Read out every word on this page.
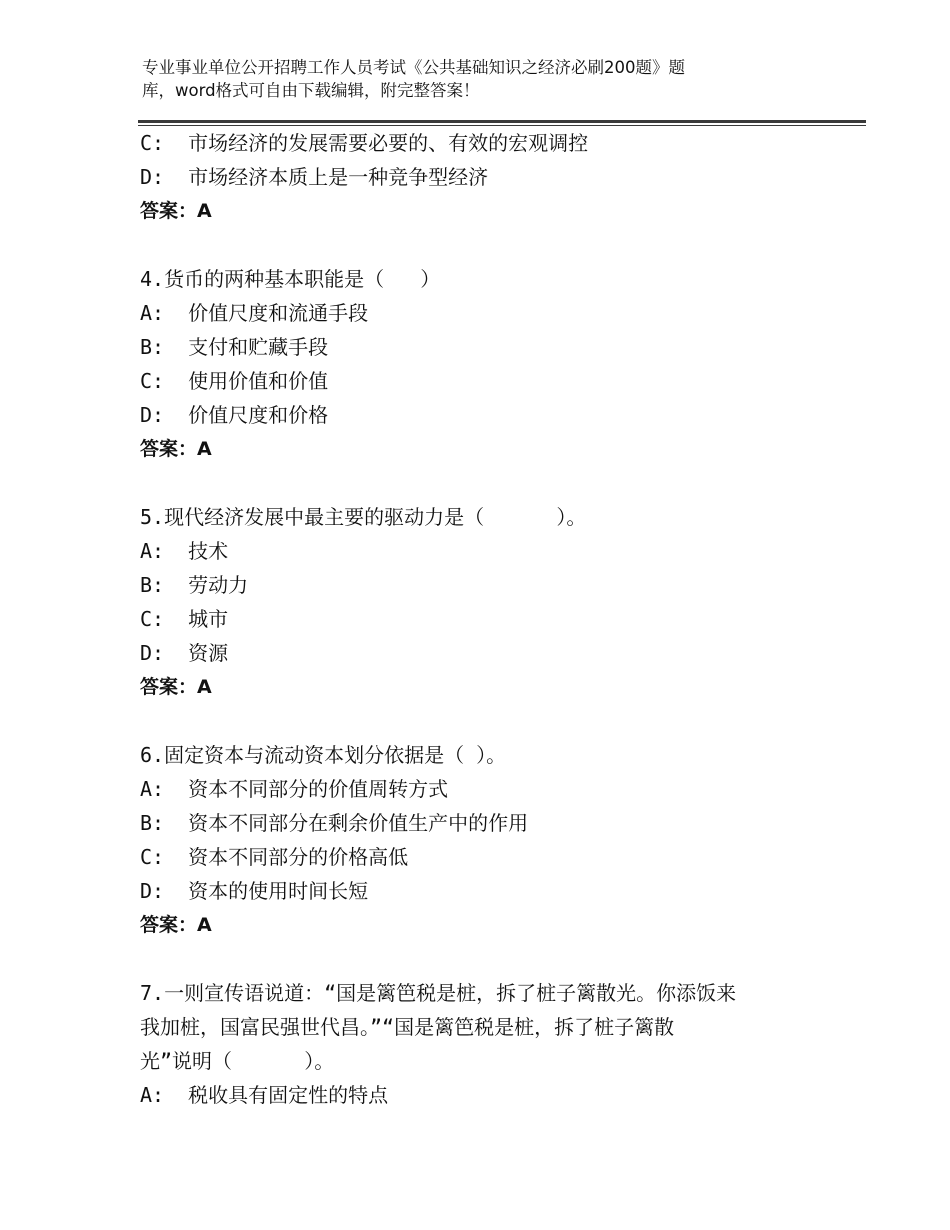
专业事业单位公开招聘工作人员考试《公共基础知识之经济必刷200题》题
库，word格式可自由下载编辑，附完整答案！
C:  市场经济的发展需要必要的、有效的宏观调控
D:  市场经济本质上是一种竞争型经济
答案：A
4.货币的两种基本职能是（   ）
A:  价值尺度和流通手段
B:  支付和贮藏手段
C:  使用价值和价值
D:  价值尺度和价格
答案：A
5.现代经济发展中最主要的驱动力是（      ）。
A:  技术
B:  劳动力
C:  城市
D:  资源
答案：A
6.固定资本与流动资本划分依据是（ ）。
A:  资本不同部分的价值周转方式
B:  资本不同部分在剩余价值生产中的作用
C:  资本不同部分的价格高低
D:  资本的使用时间长短
答案：A
7.一则宣传语说道：“国是篱笆税是桩，拆了桩子篱散光。你添饭来
我加桩，国富民强世代昌。”“国是篱笆税是桩，拆了桩子篱散
光”说明（      ）。
A:  税收具有固定性的特点
